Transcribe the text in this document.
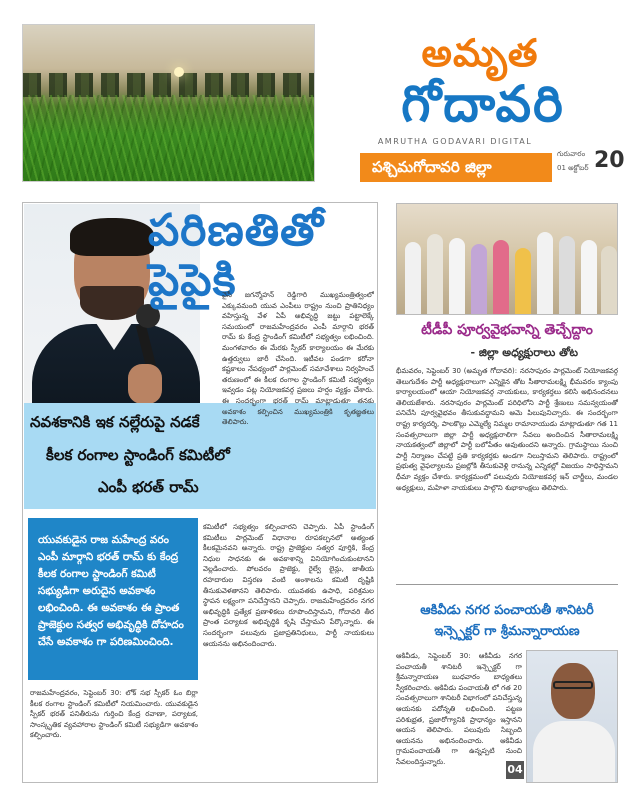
అమృత
గోదావరి
AMRUTHA GODAVARI DIGITAL
పశ్చిమగోదావరి జిల్లా
గురువారం
01 అక్టోబర్ 20
పరిణతితో
పైపైకి
నవశకానికి ఇక నల్లేరుపై నడకే
కీలక రంగాల స్టాండింగ్ కమిటీలో
ఎంపీ భరత్ రామ్
యువకుడైన రాజ మహేంద్ర వరం ఎంపీ మార్గాని భరత్ రామ్ కు కేంద్ర కీలక రంగాల స్టాండింగ్ కమిటీ సభ్యుడిగా అరుదైన అవకాశం లభించింది. ఈ అవకాశం ఈ ప్రాంత ప్రాజెక్టుల సత్వర అభివృద్ధికి దోహదం చేసే అవకాశం గా పరిణమించింది.
వైసీ జగన్మోహన్ రెడ్డిగారి ముఖ్యమంత్రిత్వంలో ఎక్కువమంది యువ ఎంపీలు రాష్ట్రం నుంచి ప్రాతినిధ్యం వహిస్తున్న వేళ ఏపీ అభివృద్ధి జట్టు పట్టాలెక్కే సమయంలో రాజమహేంద్రవరం ఎంపీ మార్గాని భరత్ రామ్ కు కేంద్ర స్టాండింగ్ కమిటీలో సభ్యత్వం లభించింది. మంగళవారం ఈ మేరకు స్పీకర్ కార్యాలయం ఈ మేరకు ఉత్తర్వులు జారీ చేసింది. ఇటీవల పండగా కరోనా కష్టకాలం నేపథ్యంలో పార్లమెంట్ సమావేశాలు నిర్వహించే తరుణంలో ఈ కీలక రంగాల స్టాండింగ్ కమిటీ సభ్యత్వం ఇవ్వడం పట్ల నియోజకవర్గ ప్రజలు హర్షం వ్యక్తం చేశారు. ఈ సందర్భంగా భరత్ రామ్ మాట్లాడుతూ తనకు అవకాశం కల్పించిన ముఖ్యమంత్రికి కృతజ్ఞతలు తెలిపారు.
కమిటీలో సభ్యత్వం కల్పించారని చెప్పారు. ఏపీ స్టాండింగ్ కమిటీలు పార్లమెంట్ విధానాల రూపకల్పనలో అత్యంత కీలకమైనవని అన్నారు. రాష్ట్ర ప్రాజెక్టుల సత్వర పూర్తికి, కేంద్ర నిధుల సాధనకు ఈ అవకాశాన్ని వినియోగించుకుంటానని వెల్లడించారు. పోలవరం ప్రాజెక్టు, రైల్వే లైన్లు, జాతీయ రహదారుల విస్తరణ వంటి అంశాలను కమిటీ దృష్టికి తీసుకువెళతానని తెలిపారు. యువతకు ఉపాధి, పరిశ్రమల స్థాపన లక్ష్యంగా పనిచేస్తానని చెప్పారు. రాజమహేంద్రవరం నగర అభివృద్ధికి ప్రత్యేక ప్రణాళికలు రూపొందిస్తామని, గోదావరి తీర ప్రాంత పర్యాటక అభివృద్ధికి కృషి చేస్తామని పేర్కొన్నారు. ఈ సందర్భంగా పలువురు ప్రజాప్రతినిధులు, పార్టీ నాయకులు ఆయనను అభినందించారు.
రాజమహేంద్రవరం, సెప్టెంబర్ 30: లోక్ సభ స్పీకర్ ఓం బిర్లా కీలక రంగాల స్టాండింగ్ కమిటీలో నియమించారు. యువకుడైన స్పీకర్ భరత్ పనితీరును గుర్తించి కేంద్ర రవాణా, పర్యాటక, సాంస్కృతిక వ్యవహారాల స్టాండింగ్ కమిటీ సభ్యుడిగా అవకాశం కల్పించారు.
టీడీపీ పూర్వవైభవాన్ని తెచ్చేద్దాం
- జిల్లా అధ్యక్షురాలు తోట
భీమవరం, సెప్టెంబర్ 30 (అమృత గోదావరి): నరసాపురం పార్లమెంట్ నియోజకవర్గ తెలుగుదేశం పార్టీ అధ్యక్షురాలుగా ఎన్నికైన తోట సీతారామలక్ష్మి భీమవరం క్యాంపు కార్యాలయంలో ఆయా నియోజకవర్గ నాయకులు, కార్యకర్తలు కలిసి అభినందనలు తెలియజేశారు. నరసాపురం పార్లమెంట్ పరిధిలోని పార్టీ శ్రేణులు సమన్వయంతో పనిచేసి పూర్వవైభవం తీసుకువద్దామని ఆమె పిలుపునిచ్చారు. ఈ సందర్భంగా రాష్ట్ర కార్యదర్శి, పాలకొల్లు ఎమ్మెల్యే నిమ్మల రామానాయుడు మాట్లాడుతూ గత 11 సంవత్సరాలుగా జిల్లా పార్టీ అధ్యక్షురాలిగా సేవలు అందించిన సీతారామలక్ష్మి నాయకత్వంలో జిల్లాలో పార్టీ బలోపేతం అవుతుందని అన్నారు. గ్రామస్థాయి నుంచి పార్టీ నిర్మాణం చేపట్టి ప్రతి కార్యకర్తకు అండగా నిలుస్తామని తెలిపారు. రాష్ట్రంలో ప్రభుత్వ వైఫల్యాలను ప్రజల్లోకి తీసుకువెళ్లి రానున్న ఎన్నికల్లో విజయం సాధిస్తామని ధీమా వ్యక్తం చేశారు. కార్యక్రమంలో పలువురు నియోజకవర్గ ఇన్ చార్జీలు, మండల అధ్యక్షులు, మహిళా నాయకులు పాల్గొని శుభాకాంక్షలు తెలిపారు.
ఆకివీడు నగర పంచాయతీ శానిటరీ
ఇన్స్పెక్టర్ గా శ్రీమన్నారాయణ
ఆకివీడు, సెప్టెంబర్ 30: ఆకివీడు నగర పంచాయతీ శానిటరీ ఇన్స్పెక్టర్ గా శ్రీమన్నారాయణ బుధవారం బాధ్యతలు స్వీకరించారు. ఆకివీడు పంచాయతీ లో గత 20 సంవత్సరాలుగా శానిటరీ విభాగంలో పనిచేస్తున్న ఆయనకు పదోన్నతి లభించింది. పట్టణ పరిశుభ్రత, ప్రజారోగ్యానికి ప్రాధాన్యం ఇస్తానని ఆయన తెలిపారు. పలువురు సిబ్బంది ఆయనను అభినందించారు. ఆకివీడు గ్రామపంచాయతీ గా ఉన్నప్పటి నుంచి సేవలందిస్తున్నారు.
04
